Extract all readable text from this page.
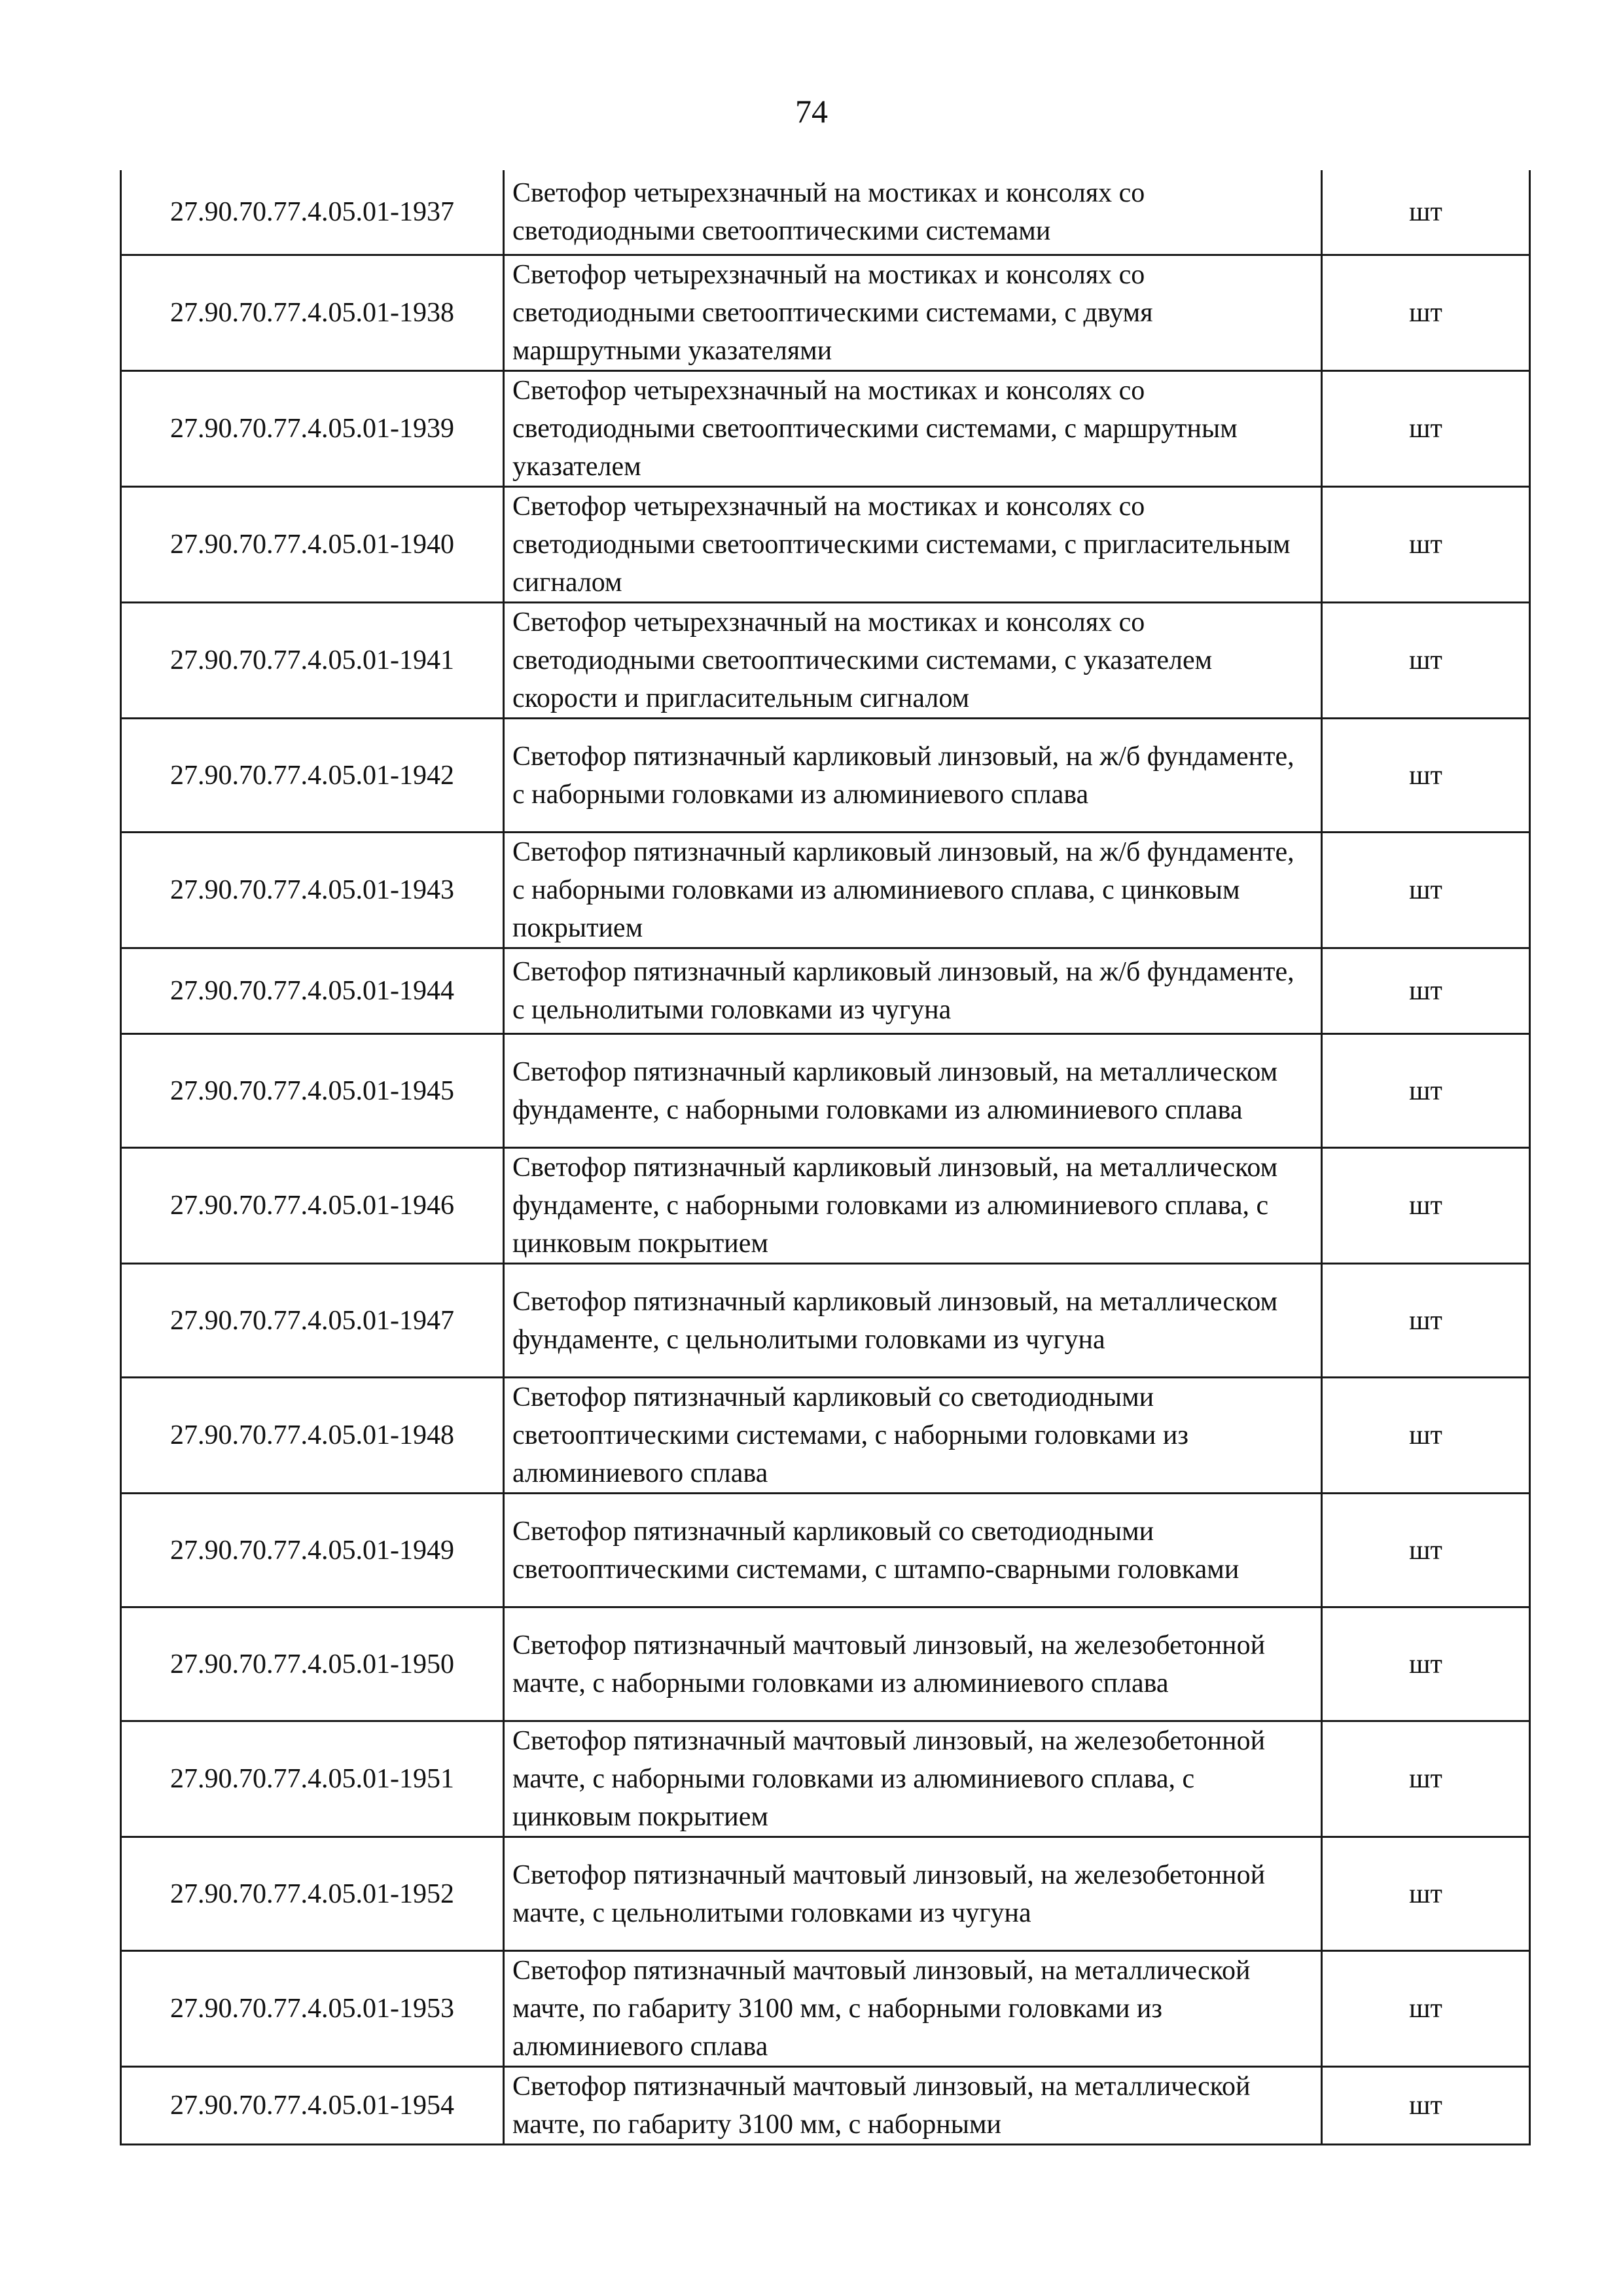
74
27.90.70.77.4.05.01-1937	Светофор четырехзначный на мостиках и консолях со светодиодными светооптическими системами	шт
27.90.70.77.4.05.01-1938	Светофор четырехзначный на мостиках и консолях со светодиодными светооптическими системами, с двумя маршрутными указателями	шт
27.90.70.77.4.05.01-1939	Светофор четырехзначный на мостиках и консолях со светодиодными светооптическими системами, с маршрутным указателем	шт
27.90.70.77.4.05.01-1940	Светофор четырехзначный на мостиках и консолях со светодиодными светооптическими системами, с пригласительным сигналом	шт
27.90.70.77.4.05.01-1941	Светофор четырехзначный на мостиках и консолях со светодиодными светооптическими системами, с указателем скорости и пригласительным сигналом	шт
27.90.70.77.4.05.01-1942	Светофор пятизначный карликовый линзовый, на ж/б фундаменте, с наборными головками из алюминиевого сплава	шт
27.90.70.77.4.05.01-1943	Светофор пятизначный карликовый линзовый, на ж/б фундаменте, с наборными головками из алюминиевого сплава, с цинковым покрытием	шт
27.90.70.77.4.05.01-1944	Светофор пятизначный карликовый линзовый, на ж/б фундаменте, с цельнолитыми головками из чугуна	шт
27.90.70.77.4.05.01-1945	Светофор пятизначный карликовый линзовый, на металлическом фундаменте, с наборными головками из алюминиевого сплава	шт
27.90.70.77.4.05.01-1946	Светофор пятизначный карликовый линзовый, на металлическом фундаменте, с наборными головками из алюминиевого сплава, с цинковым покрытием	шт
27.90.70.77.4.05.01-1947	Светофор пятизначный карликовый линзовый, на металлическом фундаменте, с цельнолитыми головками из чугуна	шт
27.90.70.77.4.05.01-1948	Светофор пятизначный карликовый со светодиодными светооптическими системами, с наборными головками из алюминиевого сплава	шт
27.90.70.77.4.05.01-1949	Светофор пятизначный карликовый со светодиодными светооптическими системами, с штампо-сварными головками	шт
27.90.70.77.4.05.01-1950	Светофор пятизначный мачтовый линзовый, на железобетонной мачте, с наборными головками из алюминиевого сплава	шт
27.90.70.77.4.05.01-1951	Светофор пятизначный мачтовый линзовый, на железобетонной мачте, с наборными головками из алюминиевого сплава, с цинковым покрытием	шт
27.90.70.77.4.05.01-1952	Светофор пятизначный мачтовый линзовый, на железобетонной мачте, с цельнолитыми головками из чугуна	шт
27.90.70.77.4.05.01-1953	Светофор пятизначный мачтовый линзовый, на металлической мачте, по габариту 3100 мм, с наборными головками из алюминиевого сплава	шт
27.90.70.77.4.05.01-1954	Светофор пятизначный мачтовый линзовый, на металлической мачте, по габариту 3100 мм, с наборными	шт
